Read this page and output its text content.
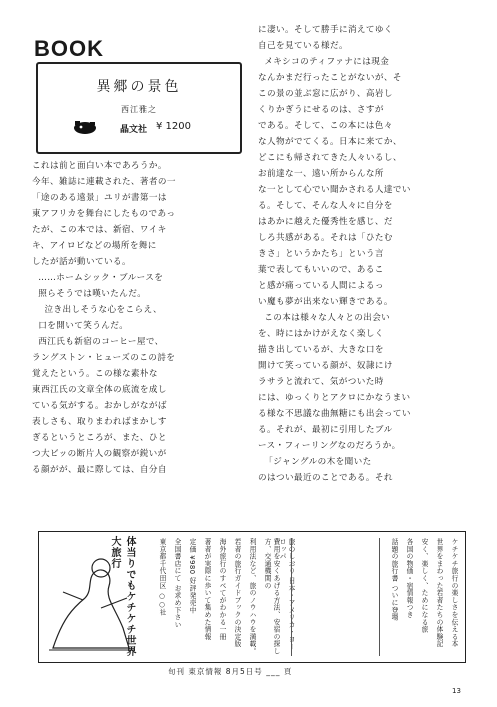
BOOK
異郷の景色
西江雅之
晶文社 ¥ 1200

これは前と面白い本であろうか。

今年、雑誌に連載された、著者の一

「途のある遠景」ユリが書第一は

東アフリカを舞台にしたものであっ

たが、この本では、新宿、ワイキ

キ、アイロビなどの場所を舞に

したが話が動いている。

……ホームシック・ブルースを

照らそうでは嘆いたんだ。

泣き出しそうな心をこらえ、

口を開いて笑うんだ。

西江氏も新宿のコーヒー屋で、

ラングストン・ヒューズのこの詩を

覚えたという。この様な素朴な

東西江氏の文章全体の底流を成し

ている気がする。おかしがながば

表しさも、取りまわればまかしす

ぎるというところが、また、ひと

つ大ビッの断片人の観察が鋭いが

る顔がが、最に際しては、自分自

に凄い。そして勝手に消えてゆく

自己を見ている様だ。

メキシコのティファナには現金

なんかまだ行ったことがないが、そ

この景の並ぶ窓に広がり、高岩し

くりかぎうにせるのは、さすが

である。そして、この本には色々

な人物がでてくる。日本に来てか、

どこにも帰されてきた人々いるし、

お前達な一、遠い所からんな所

な一として心でい聞かされる人達でい

る。そして、そんな人々に自分を

はあかに越えた優秀性を感じ、だ

しろ共感がある。それは「ひたむ

きさ」というかたち」という言

葉で表してもいいので、あるこ

と感が痛っている人間によるっ

い魔も夢が出来ない輝きである。

この本は様々な人々との出会い

を、時にはかけがえなく楽しく

描き出しているが、大きな口を

開けて笑っている顔が、奴隷にけ

ラサラと流れて、気がついた時

には、ゆっくりとアクロにかなうまい

る様な不思議な曲無糖にも出会ってい

る。それが、最初に引用したブル

ース・フィーリングなのだろうか。

「ジャングルの木を聞いた

のはつい最近のことである。それ

体当りでもケチケチ世界大旅行	旅のしおり 日本・アメリカ・ヨーロッパ
費用を安くあげる方法、安宿の探し方、交通機関の
利用法など、旅のノウハウを満載。
若者の旅行ガイドブックの決定版
海外旅行のすべてがわかる一冊
著者が実際に歩いて集めた情報
定価 ¥980 好評発売中
全国書店にて お求め下さい
東京都千代田区 ○○社	ケチケチ旅行の楽しさを伝える本
世界をまわった若者たちの体験記
安く、楽しく、ためになる旅
各国の物価・宿情報つき
話題の旅行書 ついに登場
旬刊 東京情報 8月5日号 ___ 頁
13
